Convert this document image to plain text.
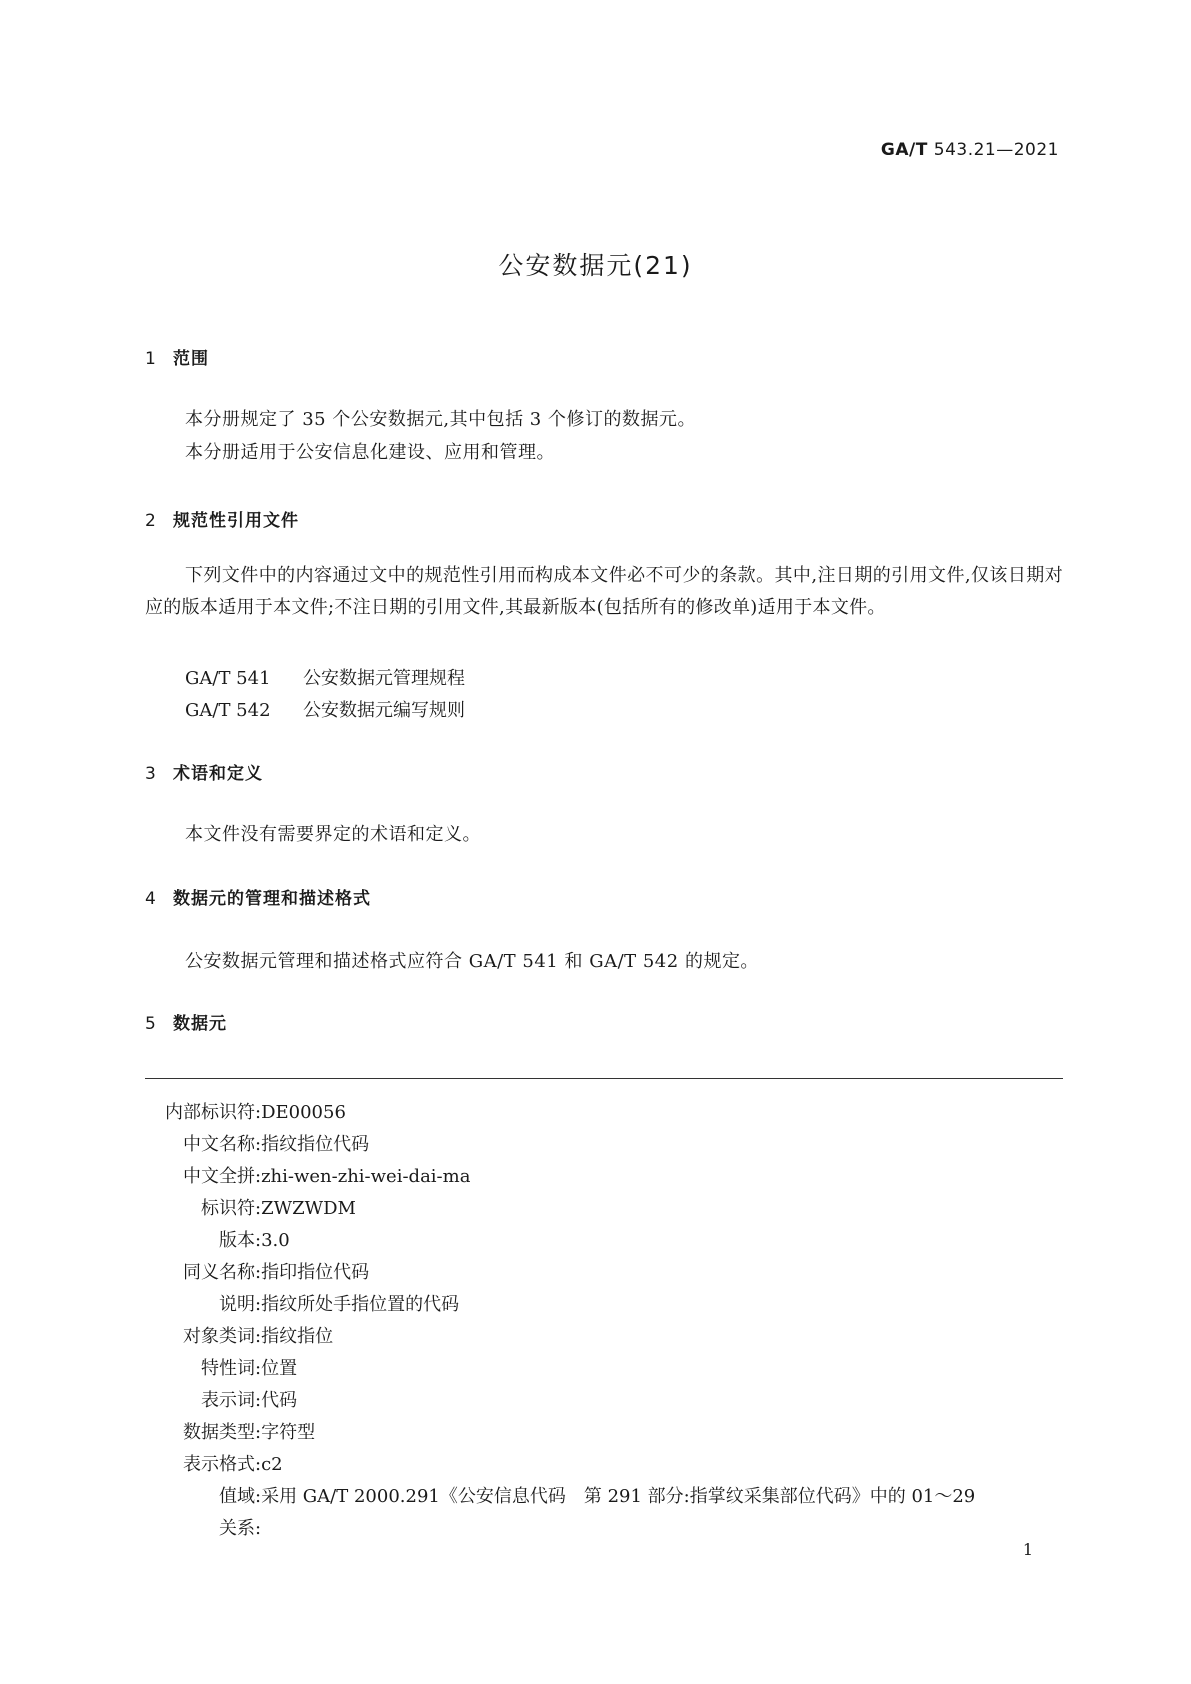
GA/T 543.21—2021
公安数据元(21)
1 范围
本分册规定了 35 个公安数据元,其中包括 3 个修订的数据元。
本分册适用于公安信息化建设、应用和管理。
2 规范性引用文件
下列文件中的内容通过文中的规范性引用而构成本文件必不可少的条款。其中,注日期的引用文件,仅该日期对应的版本适用于本文件;不注日期的引用文件,其最新版本(包括所有的修改单)适用于本文件。
GA/T 541 公安数据元管理规程
GA/T 542 公安数据元编写规则
3 术语和定义
本文件没有需要界定的术语和定义。
4 数据元的管理和描述格式
公安数据元管理和描述格式应符合 GA/T 541 和 GA/T 542 的规定。
5 数据元
内部标识符:DE00056
中文名称:指纹指位代码
中文全拼:zhi-wen-zhi-wei-dai-ma
标识符:ZWZWDM
版本:3.0
同义名称:指印指位代码
说明:指纹所处手指位置的代码
对象类词:指纹指位
特性词:位置
表示词:代码
数据类型:字符型
表示格式:c2
值域:采用 GA/T 2000.291《公安信息代码　第 291 部分:指掌纹采集部位代码》中的 01～29
关系:
1
